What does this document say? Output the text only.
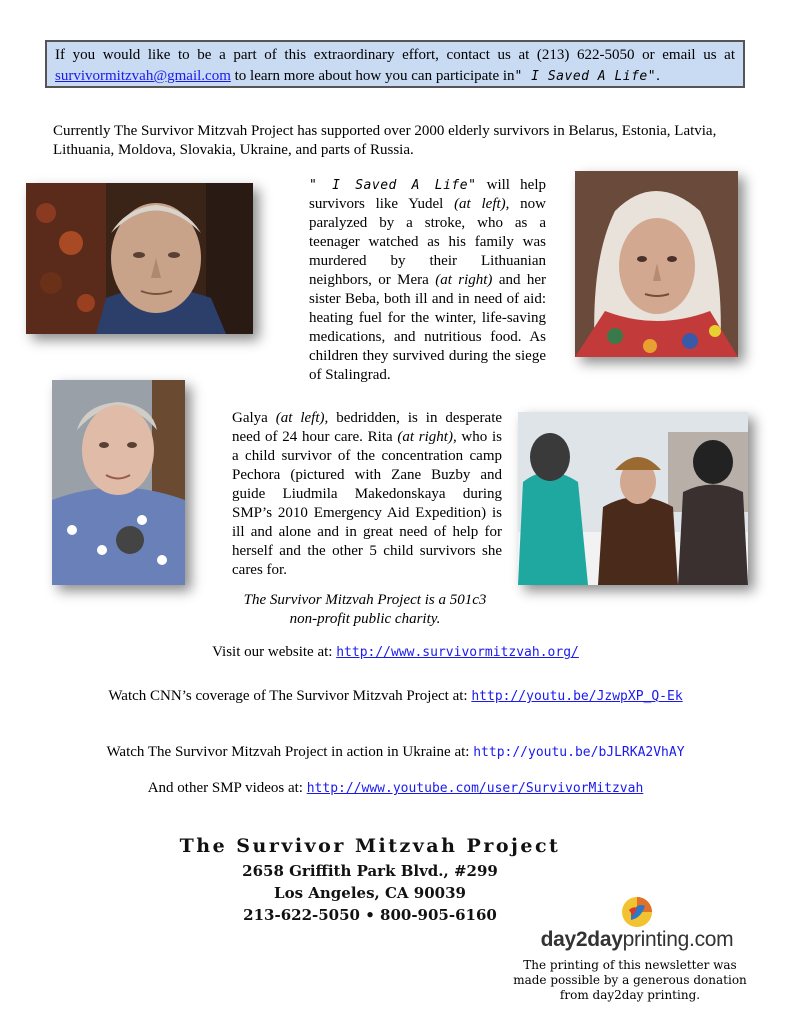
If you would like to be a part of this extraordinary effort, contact us at (213) 622-5050 or email us at survivormitzvah@gmail.com to learn more about how you can participate in" I Saved A Life".
Currently The Survivor Mitzvah Project has supported over 2000 elderly survivors in Belarus, Estonia, Latvia, Lithuania, Moldova, Slovakia, Ukraine, and parts of Russia.
" I Saved A Life" will help survivors like Yudel (at left), now paralyzed by a stroke, who as a teenager watched as his family was murdered by their Lithuanian neighbors, or Mera (at right) and her sister Beba, both ill and in need of aid: heating fuel for the winter, life-saving medications, and nutritious food. As children they survived during the siege of Stalingrad.
Galya (at left), bedridden, is in desperate need of 24 hour care. Rita (at right), who is a child survivor of the concentration camp Pechora (pictured with Zane Buzby and guide Liudmila Makedonskaya during SMP’s 2010 Emergency Aid Expedition) is ill and alone and in great need of help for herself and the other 5 child survivors she cares for.
The Survivor Mitzvah Project is a 501c3
non-profit public charity.
Visit our website at: http://www.survivormitzvah.org/
Watch CNN’s coverage of The Survivor Mitzvah Project at: http://youtu.be/JzwpXP_Q-Ek
Watch The Survivor Mitzvah Project in action in Ukraine at: http://youtu.be/bJLRKA2VhAY
And other SMP videos at: http://www.youtube.com/user/SurvivorMitzvah
The Survivor Mitzvah Project
2658 Griffith Park Blvd., #299
Los Angeles, CA 90039
213-622-5050 • 800-905-6160
day2dayprinting.com
The printing of this newsletter was made possible by a generous donation from day2day printing.
